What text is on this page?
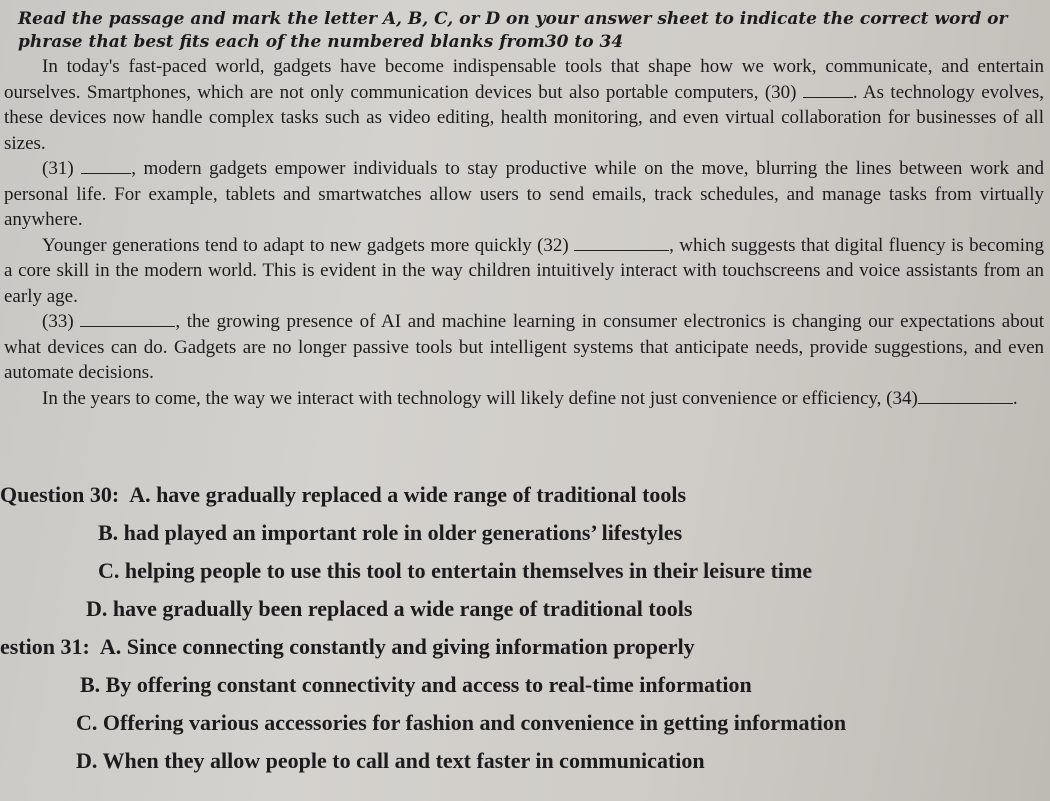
Read the passage and mark the letter A, B, C, or D on your answer sheet to indicate the correct word or phrase that best fits each of the numbered blanks from30 to 34

In today's fast-paced world, gadgets have become indispensable tools that shape how we work, communicate, and entertain ourselves. Smartphones, which are not only communication devices but also portable computers, (30)	. As technology evolves, these devices now handle complex tasks such as video editing, health monitoring, and even virtual collaboration for businesses of all sizes.

(31)	, modern gadgets empower individuals to stay productive while on the move, blurring the lines between work and personal life. For example, tablets and smartwatches allow users to send emails, track schedules, and manage tasks from virtually anywhere.

Younger generations tend to adapt to new gadgets more quickly (32)	, which suggests that digital fluency is becoming a core skill in the modern world. This is evident in the way children intuitively interact with touchscreens and voice assistants from an early age.

(33)	, the growing presence of AI and machine learning in consumer electronics is changing our expectations about what devices can do. Gadgets are no longer passive tools but intelligent systems that anticipate needs, provide suggestions, and even automate decisions.

In the years to come, the way we interact with technology will likely define not just convenience or efficiency, (34)	.

Question 30: A. have gradually replaced a wide range of traditional tools
B. had played an important role in older generations’ lifestyles
C. helping people to use this tool to entertain themselves in their leisure time
D. have gradually been replaced a wide range of traditional tools
estion 31: A. Since connecting constantly and giving information properly
B. By offering constant connectivity and access to real-time information
C. Offering various accessories for fashion and convenience in getting information
D. When they allow people to call and text faster in communication
